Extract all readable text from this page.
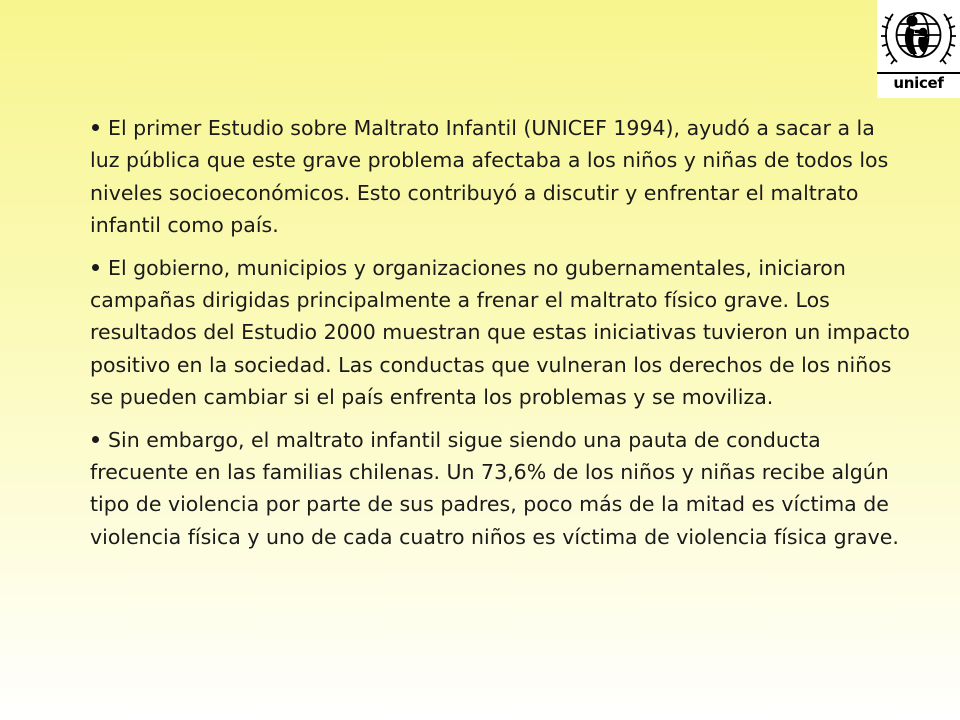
unicef

El primer Estudio sobre Maltrato Infantil (UNICEF 1994), ayudó a sacar a la luz pública que este grave problema afectaba a los niños y niñas de todos los niveles socioeconómicos. Esto contribuyó a discutir y enfrentar el maltrato infantil como país.

El gobierno, municipios y organizaciones no gubernamentales, iniciaron campañas dirigidas principalmente a frenar el maltrato físico grave. Los resultados del Estudio 2000 muestran que estas iniciativas tuvieron un impacto positivo en la sociedad. Las conductas que vulneran los derechos de los niños se pueden cambiar si el país enfrenta los problemas y se moviliza.

Sin embargo, el maltrato infantil sigue siendo una pauta de conducta frecuente en las familias chilenas. Un 73,6% de los niños y niñas recibe algún tipo de violencia por parte de sus padres, poco más de la mitad es víctima de violencia física y uno de cada cuatro niños es víctima de violencia física grave.
